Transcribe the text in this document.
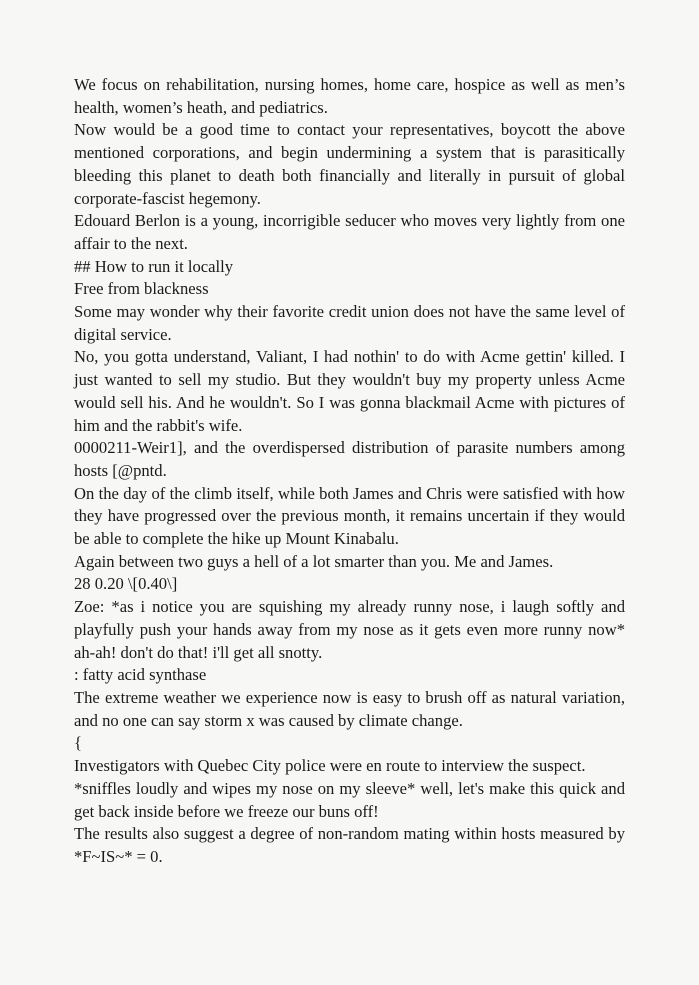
We focus on rehabilitation, nursing homes, home care, hospice as well as men’s health, women’s heath, and pediatrics.

Now would be a good time to contact your representatives, boycott the above mentioned corporations, and begin undermining a system that is parasitically bleeding this planet to death both financially and literally in pursuit of global corporate-fascist hegemony.

Edouard Berlon is a young, incorrigible seducer who moves very lightly from one affair to the next.

## How to run it locally

Free from blackness

Some may wonder why their favorite credit union does not have the same level of digital service.

No, you gotta understand, Valiant, I had nothin' to do with Acme gettin' killed. I just wanted to sell my studio. But they wouldn't buy my property unless Acme would sell his. And he wouldn't. So I was gonna blackmail Acme with pictures of him and the rabbit's wife.

0000211-Weir1], and the overdispersed distribution of parasite numbers among hosts [@pntd.

On the day of the climb itself, while both James and Chris were satisfied with how they have progressed over the previous month, it remains uncertain if they would be able to complete the hike up Mount Kinabalu.

Again between two guys a hell of a lot smarter than you. Me and James.

28 0.20 \[0.40\]

Zoe: *as i notice you are squishing my already runny nose, i laugh softly and playfully push your hands away from my nose as it gets even more runny now* ah-ah! don't do that! i'll get all snotty.

: fatty acid synthase

The extreme weather we experience now is easy to brush off as natural variation, and no one can say storm x was caused by climate change.

{

Investigators with Quebec City police were en route to interview the suspect.

*sniffles loudly and wipes my nose on my sleeve* well, let's make this quick and get back inside before we freeze our buns off!

The results also suggest a degree of non-random mating within hosts measured by *F~IS~* = 0.
